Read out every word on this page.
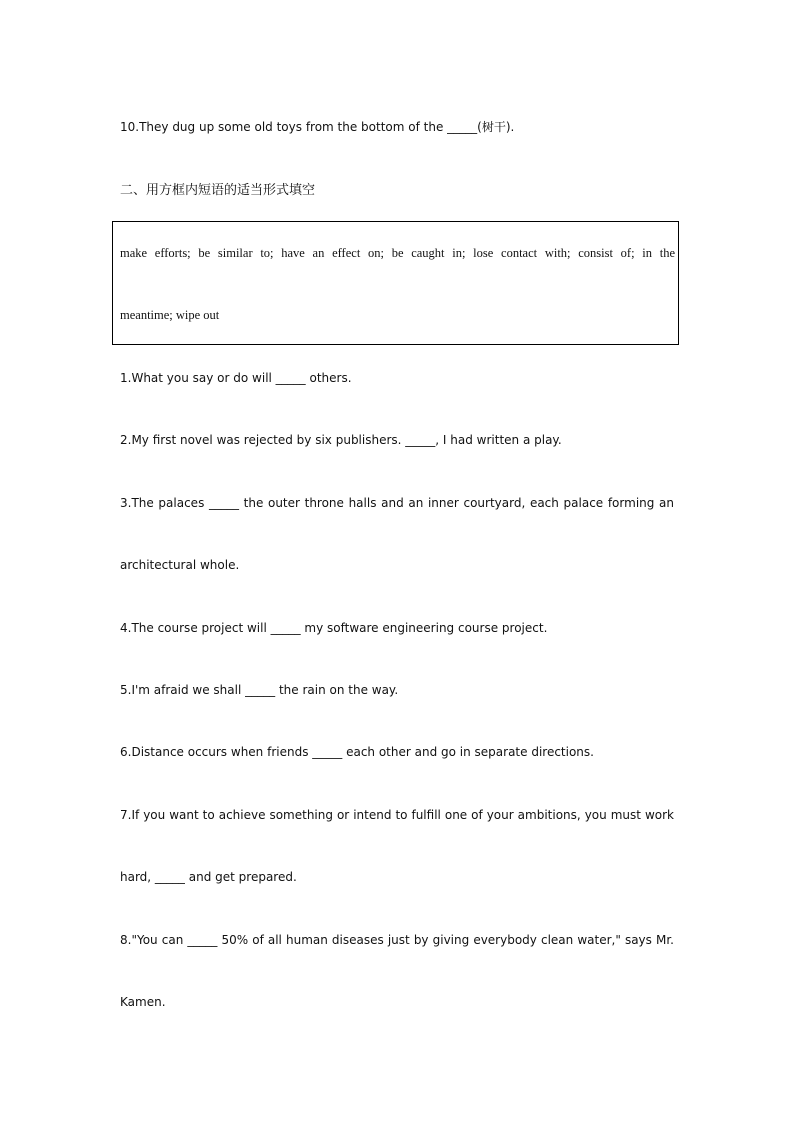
10.They dug up some old toys from the bottom of the _____(树干).
二、用方框内短语的适当形式填空
make efforts; be similar to; have an effect on; be caught in; lose contact with; consist of; in the
meantime; wipe out
1.What you say or do will _____ others.
2.My first novel was rejected by six publishers. _____, I had written a play.
3.The palaces _____ the outer throne halls and an inner courtyard, each palace forming an
architectural whole.
4.The course project will _____ my software engineering course project.
5.I'm afraid we shall _____ the rain on the way.
6.Distance occurs when friends _____ each other and go in separate directions.
7.If you want to achieve something or intend to fulfill one of your ambitions, you must work
hard, _____ and get prepared.
8."You can _____ 50% of all human diseases just by giving everybody clean water," says Mr.
Kamen.
